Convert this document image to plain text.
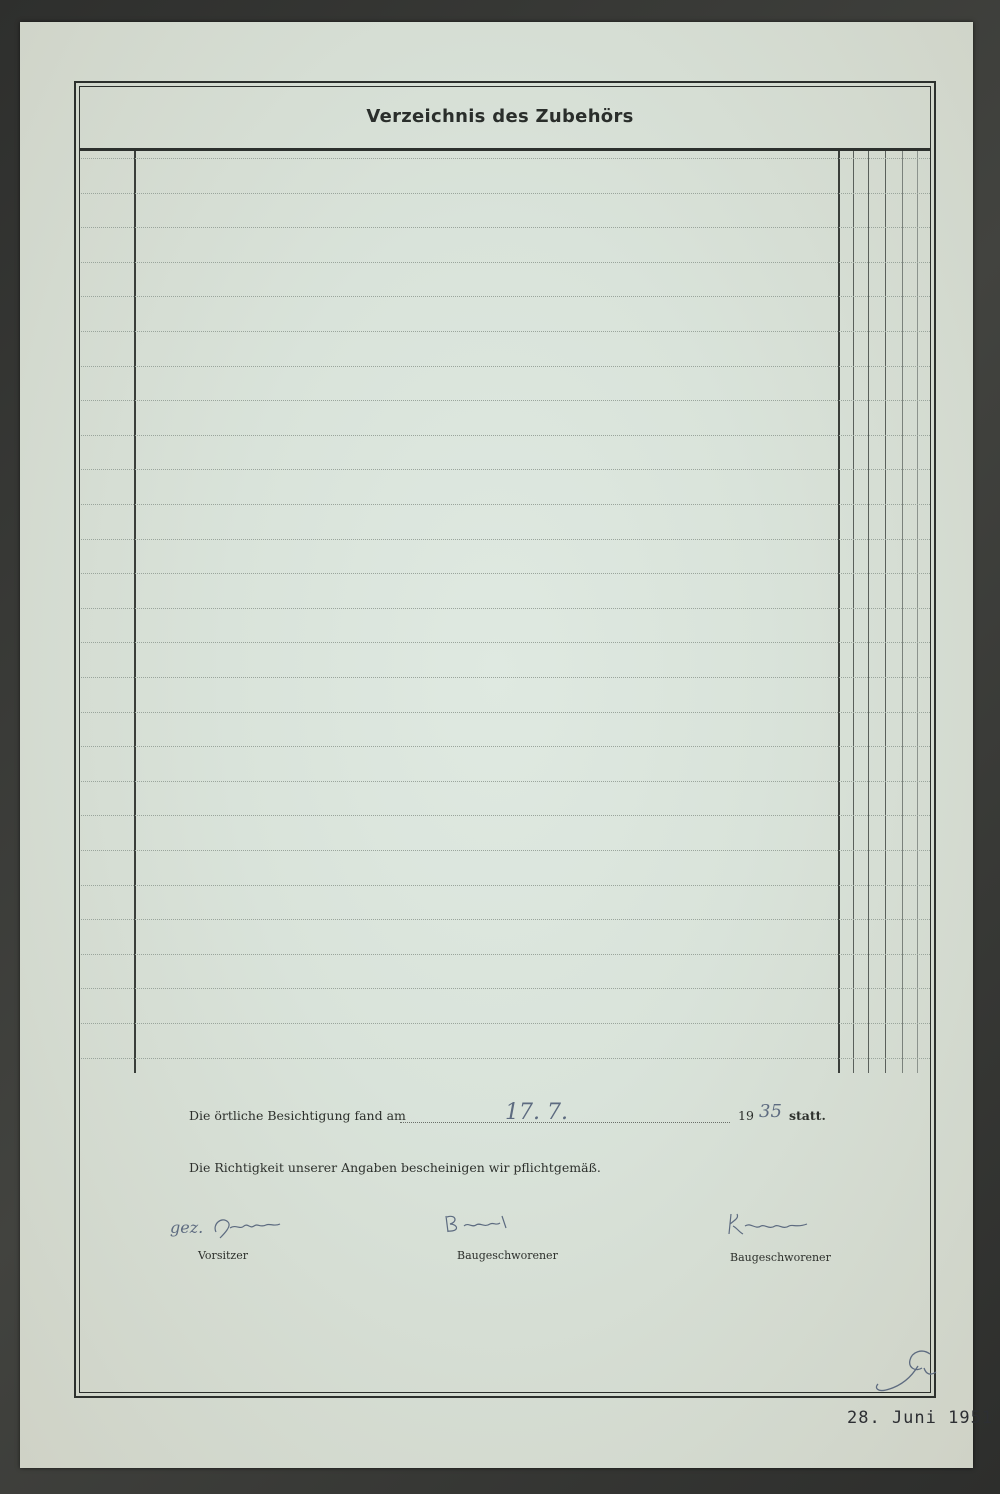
Verzeichnis des Zubehörs
Die örtliche Besichtigung fand am	17. 7.	19 35 statt.
Die Richtigkeit unserer Angaben bescheinigen wir pflichtgemäß.
gez.
Vorsitzer	Baugeschworener	Baugeschworener
28. Juni 1951
